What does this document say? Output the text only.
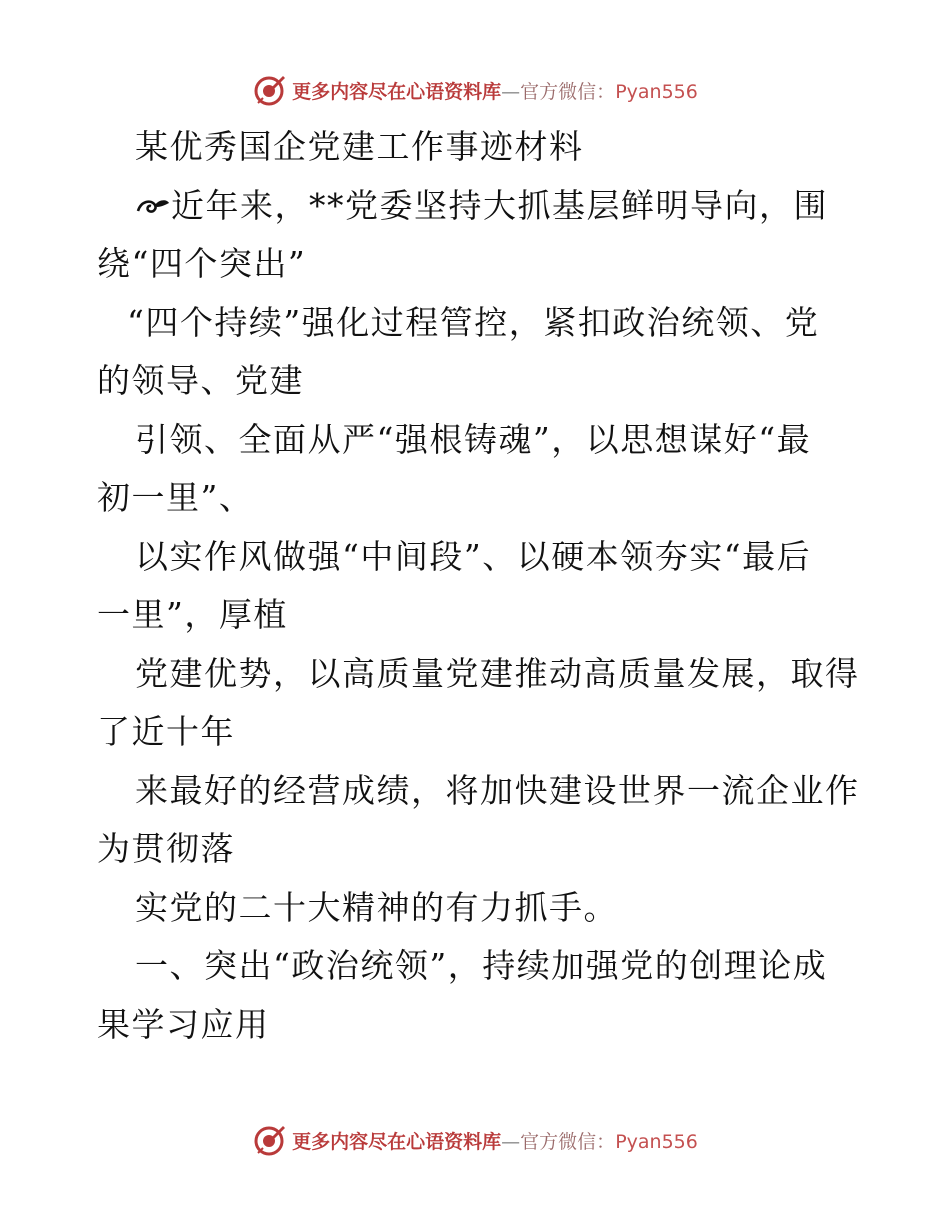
更多内容尽在心语资料库—官方微信：Pyan556
某优秀国企党建工作事迹材料
近年来，**党委坚持大抓基层鲜明导向，围
绕“四个突出”
“四个持续”强化过程管控，紧扣政治统领、党
的领导、党建
引领、全面从严“强根铸魂”，以思想谋好“最
初一里”、
以实作风做强“中间段”、以硬本领夯实“最后
一里”，厚植
党建优势，以高质量党建推动高质量发展，取得
了近十年
来最好的经营成绩，将加快建设世界一流企业作
为贯彻落
实党的二十大精神的有力抓手。
一、突出“政治统领”，持续加强党的创理论成
果学习应用
更多内容尽在心语资料库—官方微信：Pyan556
